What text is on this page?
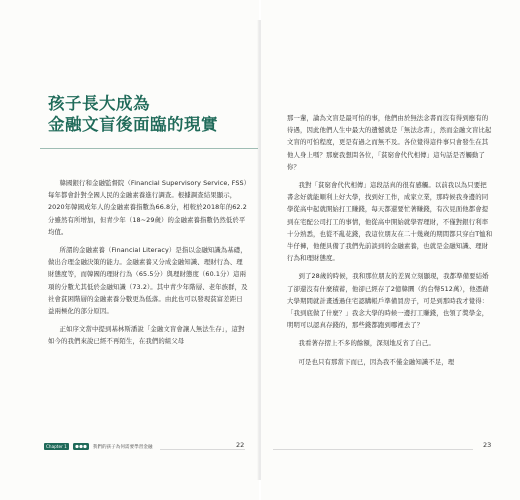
孩子長大成為
金融文盲後面臨的現實

韓國銀行和金融監督院（Financial Supervisory Service, FSS）每年都會針對全國人民的金融素養進行調查。根據調查結果顯示，2020年韓國成年人的金融素養指數為66.8分，相較於2018年的62.2分雖然有所增加，但青少年（18~29歲）的金融素養指數仍然低於平均值。

所謂的金融素養（Financial Literacy）是指以金融知識為基礎，做出合理金融決策的能力。金融素養又分成金融知識、理財行為、理財態度等，而韓國的理財行為（65.5分）與理財態度（60.1分）這兩項的分數尤其低於金融知識（73.2）。其中青少年階層、老年族群，及社會貧困階層的金融素養分數更為低落。由此也可以發現貧富差距日益兩極化的部分原因。

正如序文當中提到基林斯潘說「金融文盲會讓人無法生存」，這對如今的我們來說已經不再陌生，在我們的組父母

Chapter 1	我們的孩子為何需要學習金融	22

那一輩，論為文盲是最可怕的事，他們由於無法念書而沒有得到應有的待遇，因此他們人生中最大的遺憾就是「無法念書」，然而金融文盲比起文盲的可怕程度，更是有過之而無不及。各位覺得這件事只會發生在其他人身上嗎？那麼我想問各位，「貧窮會代代相傳」這句話是否觸動了你？

我對「貧窮會代代相傳」這段話真的很有感觸。以前我以為只要把書念好就能順利上好大學，找到好工作，成家立業，那時候我身邊的同學從高中起就開始打工賺錢，每天都還要忙著賺錢，有次見面他都會提到在宅配公司打工的事情，他從高中開始就學習理財，不僅對銀行利率十分熟悉，也從不亂花錢，我這位朋友在二十幾歲的期間都只穿白T恤和牛仔褲，他便具備了我們先前談到的金融素養，也就是金融知識、理財行為和理財態度。

到了28歲的時候，我和那位朋友的差異立刻顯現，我都準備要結婚了卻還沒有什麼積蓄，他卻已經存了2億韓圜（約台幣512萬），他憑藉大學期間就計畫透過住宅認購帳戶準備買房子，可是到那時我才覺得：「我到底做了什麼？」我念大學的時候一邊打工賺錢，也領了獎學金，明明可以認真存錢的，那些錢都跑到哪裡去了？

我看著存摺上不多的餘額，深刻地反省了自己。

可是也只有那當下而已，因為我不僅金融知識不足，理

23
